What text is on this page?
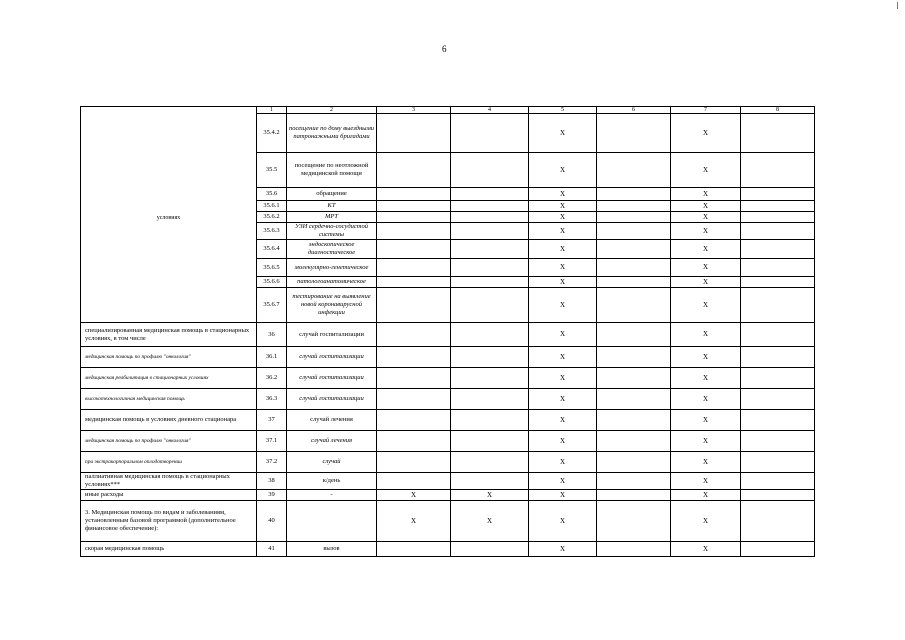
6
условиях	1	2	3	4	5	6	7	8	
	35.4.2	посещение по дому выездными патронажными бригадами			X		X		
	35.5	посещение по неотложной медицинской помощи			X		X		
	35.6	обращение			X		X		
	35.6.1	КТ			X		X		
	35.6.2	МРТ			X		X		
	35.6.3	УЗИ сердечно-сосудистой системы			X		X		
	35.6.4	эндоскопическое диагностическое			X		X		
	35.6.5	молекулярно-генетическое			X		X		
	35.6.6	патологоанатомическое			X		X		
	35.6.7	тестирование на выявление новой коронавирусной инфекции			X		X		
специализированная медицинская помощь в стационарных условиях, в том числе	36	случай госпитализации			X		X		
медицинская помощь по профилю "онкология"	36.1	случай госпитализации			X		X		
медицинская реабилитация в стационарных условиях	36.2	случай госпитализации			X		X		
высокотехнологичная медицинская помощь	36.3	случай госпитализации			X		X		
медицинская помощь в условиях дневного стационара	37	случай лечения			X		X		
медицинская помощь по профилю "онкология"	37.1	случай лечения			X		X		
при экстракорпоральном оплодотворении	37.2	случай			X		X		
паллиативная медицинская помощь в стационарных условиях***	38	к/день			X		X		
иные расходы	39	-	X	X	X		X		
3. Медицинская помощь по видам и заболеваниям, установленным базовой программой (дополнительное финансовое обеспечение):	40		X	X	X		X		
скорая медицинская помощь	41	вызов			X		X		
